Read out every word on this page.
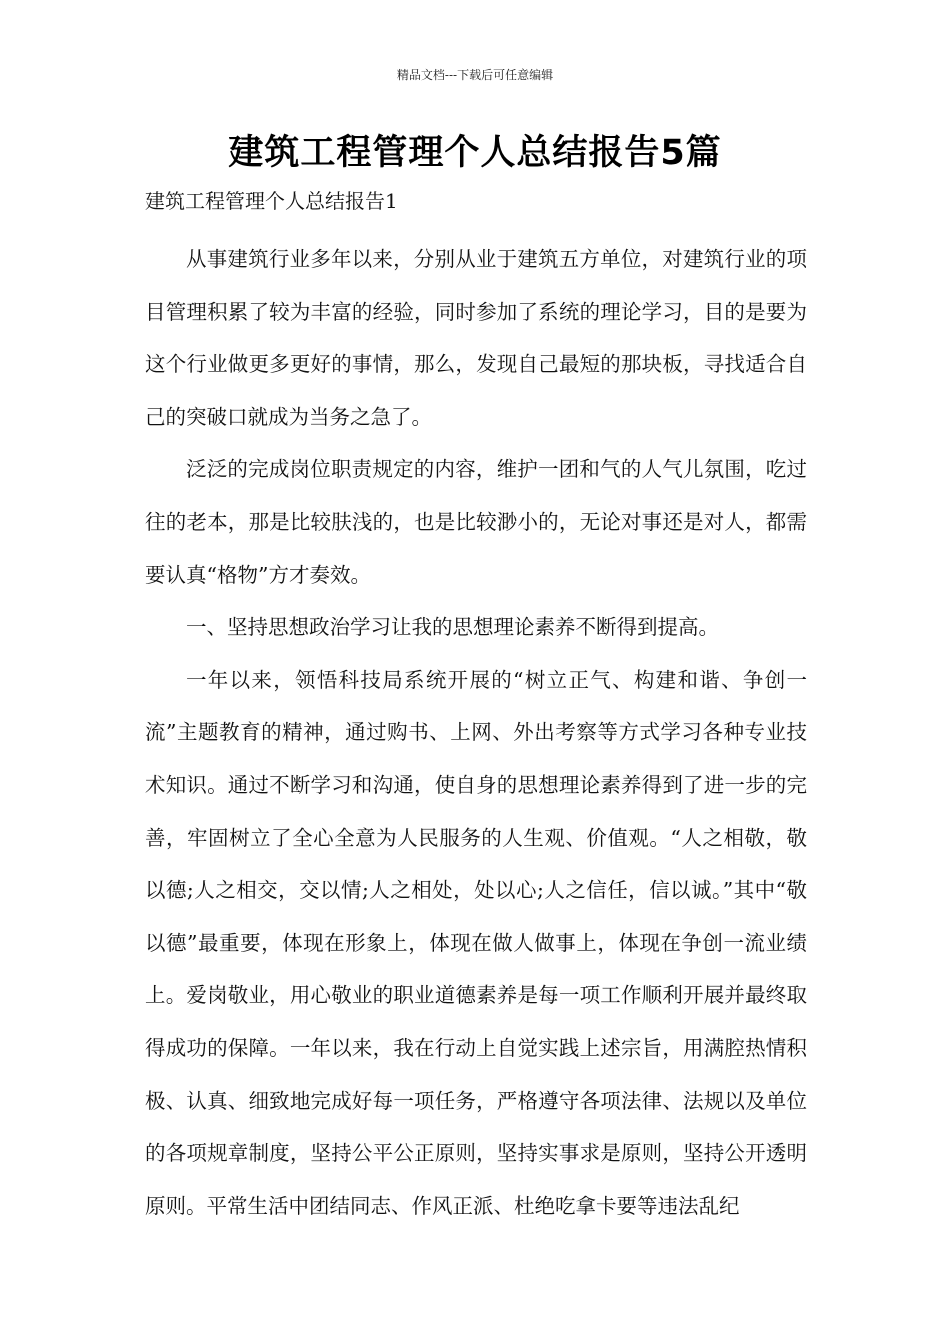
精品文档---下载后可任意编辑
建筑工程管理个人总结报告5篇
建筑工程管理个人总结报告1

从事建筑行业多年以来，分别从业于建筑五方单位，对建筑行业的项目管理积累了较为丰富的经验，同时参加了系统的理论学习，目的是要为这个行业做更多更好的事情，那么，发现自己最短的那块板，寻找适合自己的突破口就成为当务之急了。

泛泛的完成岗位职责规定的内容，维护一团和气的人气儿氛围，吃过往的老本，那是比较肤浅的，也是比较渺小的，无论对事还是对人，都需要认真“格物”方才奏效。

一、坚持思想政治学习让我的思想理论素养不断得到提高。

一年以来，领悟科技局系统开展的“树立正气、构建和谐、争创一流”主题教育的精神，通过购书、上网、外出考察等方式学习各种专业技术知识。通过不断学习和沟通，使自身的思想理论素养得到了进一步的完善，牢固树立了全心全意为人民服务的人生观、价值观。“人之相敬，敬以德;人之相交，交以情;人之相处，处以心;人之信任，信以诚。”其中“敬以德”最重要，体现在形象上，体现在做人做事上，体现在争创一流业绩上。爱岗敬业，用心敬业的职业道德素养是每一项工作顺利开展并最终取得成功的保障。一年以来，我在行动上自觉实践上述宗旨，用满腔热情积极、认真、细致地完成好每一项任务，严格遵守各项法律、法规以及单位的各项规章制度，坚持公平公正原则，坚持实事求是原则，坚持公开透明原则。平常生活中团结同志、作风正派、杜绝吃拿卡要等违法乱纪
